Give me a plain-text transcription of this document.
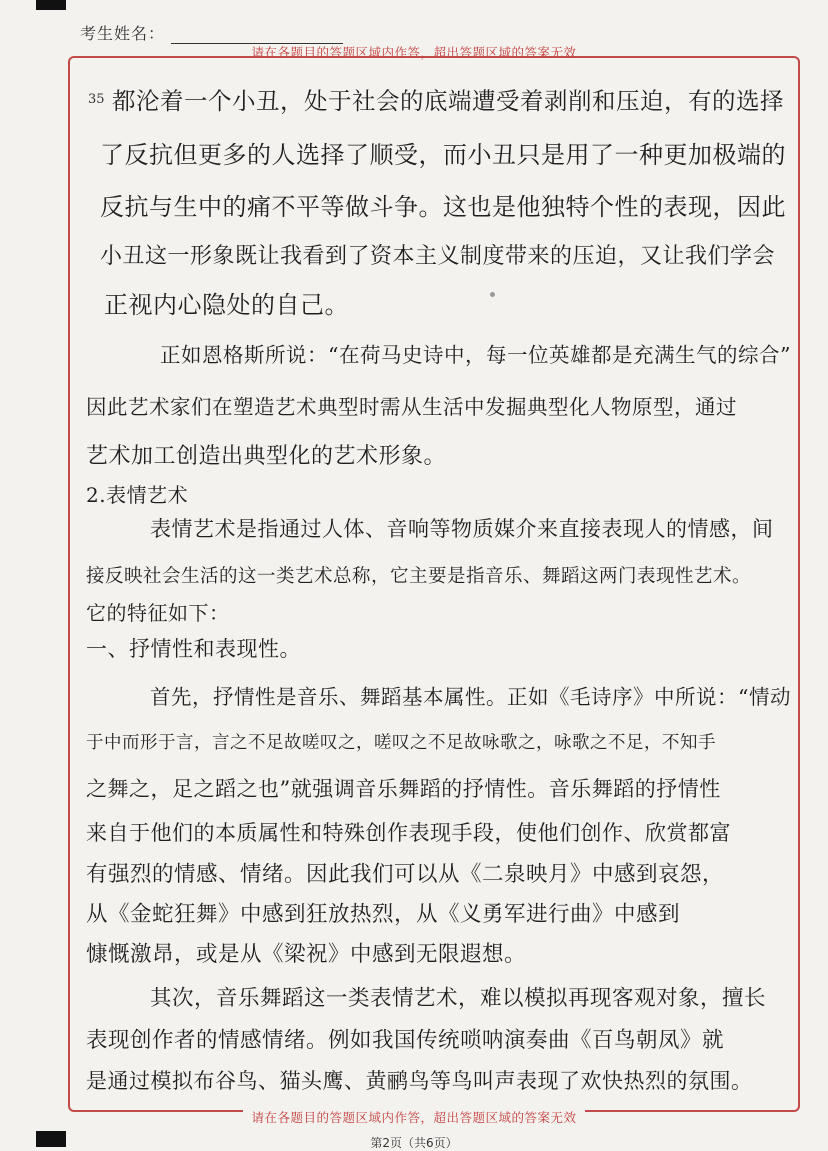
考生姓名：
请在各题目的答题区域内作答，超出答题区域的答案无效
35 都沦着一个小丑，处于社会的底端遭受着剥削和压迫，有的选择
了反抗但更多的人选择了顺受，而小丑只是用了一种更加极端的
反抗与生中的痛不平等做斗争。这也是他独特个性的表现，因此
小丑这一形象既让我看到了资本主义制度带来的压迫，又让我们学会
正视内心隐处的自己。
正如恩格斯所说：“在荷马史诗中，每一位英雄都是充满生气的综合”
因此艺术家们在塑造艺术典型时需从生活中发掘典型化人物原型，通过
艺术加工创造出典型化的艺术形象。
2.表情艺术
表情艺术是指通过人体、音响等物质媒介来直接表现人的情感，间
接反映社会生活的这一类艺术总称，它主要是指音乐、舞蹈这两门表现性艺术。
它的特征如下：
一、抒情性和表现性。
首先，抒情性是音乐、舞蹈基本属性。正如《毛诗序》中所说：“情动
于中而形于言，言之不足故嗟叹之，嗟叹之不足故咏歌之，咏歌之不足，不知手
之舞之，足之蹈之也”就强调音乐舞蹈的抒情性。音乐舞蹈的抒情性
来自于他们的本质属性和特殊创作表现手段，使他们创作、欣赏都富
有强烈的情感、情绪。因此我们可以从《二泉映月》中感到哀怨，
从《金蛇狂舞》中感到狂放热烈，从《义勇军进行曲》中感到
慷慨激昂，或是从《梁祝》中感到无限遐想。
其次，音乐舞蹈这一类表情艺术，难以模拟再现客观对象，擅长
表现创作者的情感情绪。例如我国传统唢呐演奏曲《百鸟朝凤》就
是通过模拟布谷鸟、猫头鹰、黄鹂鸟等鸟叫声表现了欢快热烈的氛围。
请在各题目的答题区域内作答，超出答题区域的答案无效
第2页（共6页）
